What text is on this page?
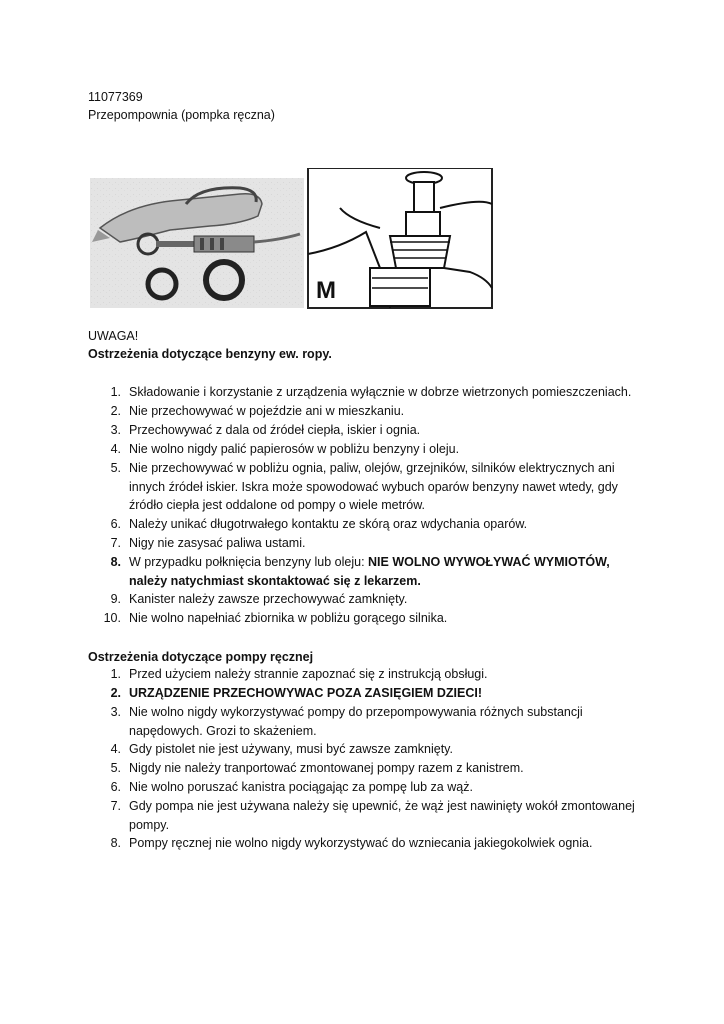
11077369
Przepompownia (pompka ręczna)
M
UWAGA!
Ostrzeżenia dotyczące benzyny ew. ropy.
1. Składowanie i korzystanie z urządzenia wyłącznie w dobrze wietrzonych pomieszczeniach.
2. Nie przechowywać w pojeździe ani w mieszkaniu.
3. Przechowywać z dala od źródeł ciepła, iskier i ognia.
4. Nie wolno nigdy palić papierosów w pobliżu benzyny i oleju.
5. Nie przechowywać w pobliżu ognia, paliw, olejów, grzejników, silników elektrycznych ani innych źródeł iskier. Iskra może spowodować wybuch oparów benzyny nawet wtedy, gdy źródło ciepła jest oddalone od pompy o wiele metrów.
6. Należy unikać długotrwałego kontaktu ze skórą oraz wdychania oparów.
7. Nigy nie zasysać paliwa ustami.
8. W przypadku połknięcia benzyny lub oleju: NIE WOLNO WYWOŁYWAĆ WYMIOTÓW, należy natychmiast skontaktować się z lekarzem.
9. Kanister należy zawsze przechowywać zamknięty.
10. Nie wolno napełniać zbiornika w pobliżu gorącego silnika.
Ostrzeżenia dotyczące pompy ręcznej
1. Przed użyciem należy strannie zapoznać się z instrukcją obsługi.
2. URZĄDZENIE PRZECHOWYWAC POZA ZASIĘGIEM DZIECI!
3. Nie wolno nigdy wykorzystywać pompy do przepompowywania różnych substancji napędowych. Grozi to skażeniem.
4. Gdy pistolet nie jest używany, musi być zawsze zamknięty.
5. Nigdy nie należy tranportować zmontowanej pompy razem z kanistrem.
6. Nie wolno poruszać kanistra pociągając za pompę lub za wąż.
7. Gdy pompa nie jest używana należy się upewnić, że wąż jest nawinięty wokół zmontowanej pompy.
8. Pompy ręcznej nie wolno nigdy wykorzystywać do wzniecania jakiegokolwiek ognia.
